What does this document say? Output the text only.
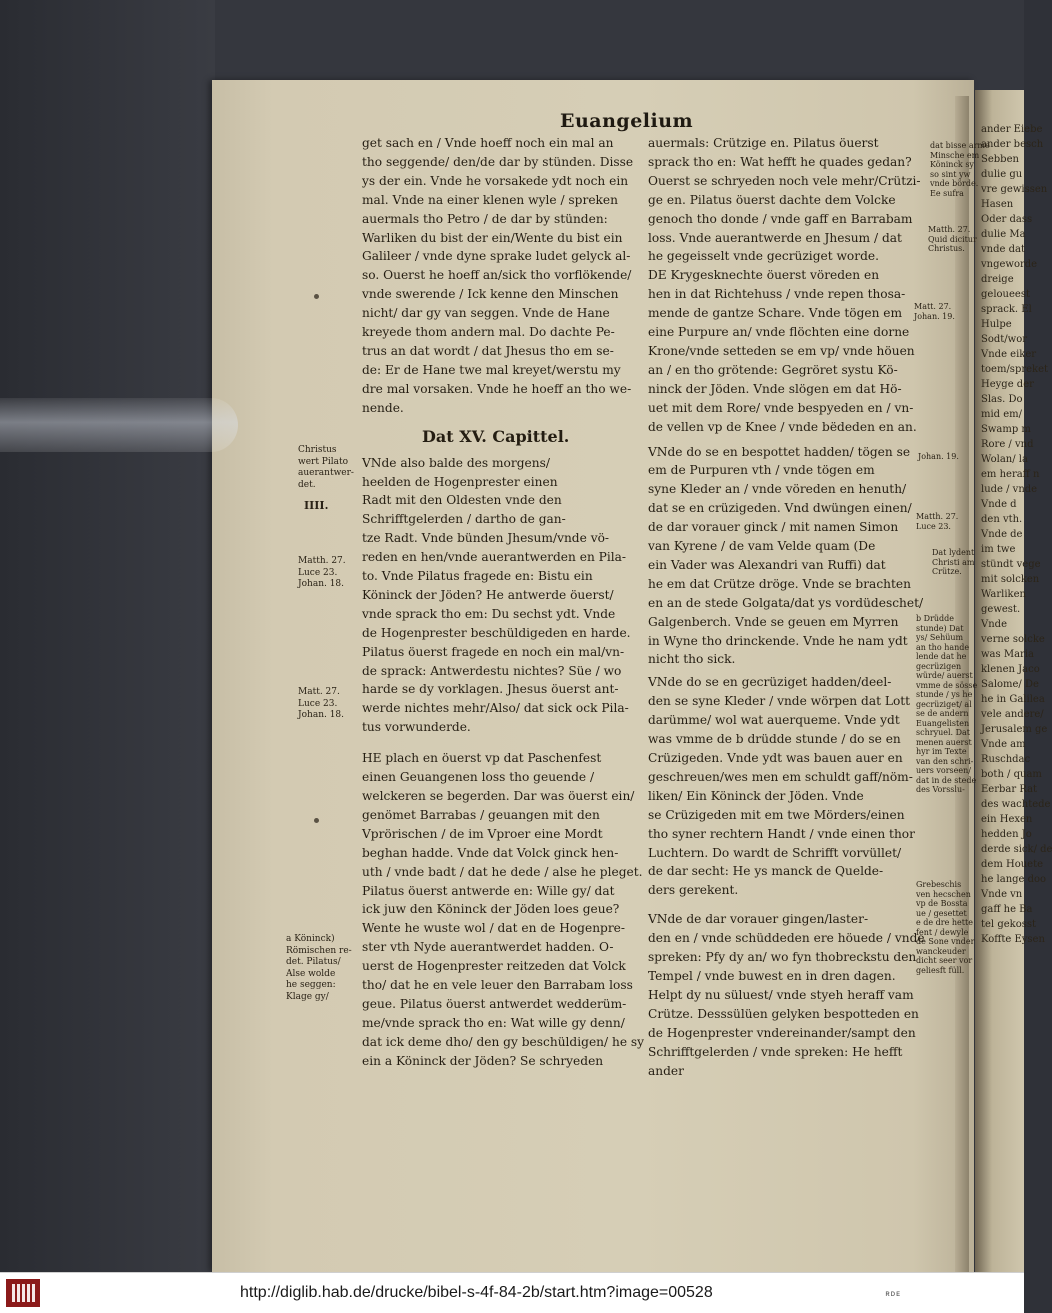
ander Eiebe
ander besch
Sebben
dulie gu
vre gewissen
Hasen
Oder dass
dulie Ma
vnde dat
vngeworde
dreige
geloueest
sprack. El
Hulpe
Sodt/wor
Vnde eiker
toem/spreket
Heyge der
Slas. Do
mid em/
Swamp m
Rore / vnd
Wolan/ la
em heraff n
lude / vnde
Vnde d
den vth.
Vnde de
im twe
stündt vege
mit solcken
Warliken
gewest.
Vnde
verne solcke
was Maria
klenen Jaco
Salome/ De
he in Galilea
vele andere/
Jerusalem ge
Vnde am
Ruschdac
both / quam
Eerbar Rat
des wachtede
ein Hexen
hedden Jo
derde sick/ de
dem Houete
he lange doo
Vnde vn
gaff he Ba
tel gekosst
Koffte Eysen
Euangelium
get sach en / Vnde hoeff noch ein mal an
tho seggende/ den/de dar by stünden. Disse
ys der ein. Vnde he vorsakede ydt noch ein
mal. Vnde na einer klenen wyle / spreken
auermals tho Petro / de dar by stünden:
Warliken du bist der ein/Wente du bist ein
Galileer / vnde dyne sprake ludet gelyck al-
so. Ouerst he hoeff an/sick tho vorflökende/
vnde swerende / Ick kenne den Minschen
nicht/ dar gy van seggen. Vnde de Hane
kreyede thom andern mal. Do dachte Pe-
trus an dat wordt / dat Jhesus tho em se-
de: Er de Hane twe mal kreyet/werstu my
dre mal vorsaken. Vnde he hoeff an tho we-
nende.
Dat XV. Capittel.
VNde also balde des morgens/
heelden de Hogenprester einen
Radt mit den Oldesten vnde den
Schrifftgelerden / dartho de gan-
tze Radt. Vnde bünden Jhesum/vnde vö-
reden en hen/vnde auerantwerden en Pila-
to. Vnde Pilatus fragede en: Bistu ein
Köninck der Jöden? He antwerde öuerst/
vnde sprack tho em: Du sechst ydt. Vnde
de Hogenprester beschüldigeden en harde.
Pilatus öuerst fragede en noch ein mal/vn-
de sprack: Antwerdestu nichtes? Süe / wo
harde se dy vorklagen. Jhesus öuerst ant-
werde nichtes mehr/Also/ dat sick ock Pila-
tus vorwunderde.
HE plach en öuerst vp dat Paschenfest
einen Geuangenen loss tho geuende /
welckeren se begerden. Dar was öuerst ein/
genömet Barrabas / geuangen mit den
Vprörischen / de im Vproer eine Mordt
beghan hadde. Vnde dat Volck ginck hen-
uth / vnde badt / dat he dede / alse he pleget.
Pilatus öuerst antwerde en: Wille gy/ dat
ick juw den Köninck der Jöden loes geue?
Wente he wuste wol / dat en de Hogenpre-
ster vth Nyde auerantwerdet hadden. O-
uerst de Hogenprester reitzeden dat Volck
tho/ dat he en vele leuer den Barrabam loss
geue. Pilatus öuerst antwerdet wedderüm-
me/vnde sprack tho en: Wat wille gy denn/
dat ick deme dho/ den gy beschüldigen/ he sy
ein a Köninck der Jöden? Se schryeden
auermals: Crützige en. Pilatus öuerst
sprack tho en: Wat hefft he quades gedan?
Ouerst se schryeden noch vele mehr/Crützi-
ge en. Pilatus öuerst dachte dem Volcke
genoch tho donde / vnde gaff en Barrabam
loss. Vnde auerantwerde en Jhesum / dat
he gegeisselt vnde gecrüziget worde.
DE Krygesknechte öuerst vöreden en
hen in dat Richtehuss / vnde repen thosa-
mende de gantze Schare. Vnde tögen em
eine Purpure an/ vnde flöchten eine dorne
Krone/vnde setteden se em vp/ vnde höuen
an / en tho grötende: Gegröret systu Kö-
ninck der Jöden. Vnde slögen em dat Hö-
uet mit dem Rore/ vnde bespyeden en / vn-
de vellen vp de Knee / vnde bëdeden en an.
VNde do se en bespottet hadden/ tögen se
em de Purpuren vth / vnde tögen em
syne Kleder an / vnde vöreden en henuth/
dat se en crüzigeden. Vnd dwüngen einen/
de dar vorauer ginck / mit namen Simon
van Kyrene / de vam Velde quam (De
ein Vader was Alexandri van Ruffi) dat
he em dat Crütze dröge. Vnde se brachten
en an de stede Golgata/dat ys vordüdeschet/
Galgenberch. Vnde se geuen em Myrren
in Wyne tho drinckende. Vnde he nam ydt
nicht tho sick.
VNde do se en gecrüziget hadden/deel-
den se syne Kleder / vnde wörpen dat Lott
darümme/ wol wat auerqueme. Vnde ydt
was vmme de b drüdde stunde / do se en
Crüzigeden. Vnde ydt was bauen auer en
geschreuen/wes men em schuldt gaff/nöm-
liken/ Ein Köninck der Jöden. Vnde
se Crüzigeden mit em twe Mörders/einen
tho syner rechtern Handt / vnde einen thor
Luchtern. Do wardt de Schrifft vorvüllet/
de dar secht: He ys manck de Quelde-
ders gerekent.
VNde de dar vorauer gingen/laster-
den en / vnde schüddeden ere höuede / vnde
spreken: Pfy dy an/ wo fyn thobreckstu den
Tempel / vnde buwest en in dren dagen.
Helpt dy nu süluest/ vnde styeh heraff vam
Crütze. Desssülüen gelyken bespotteden en
de Hogenprester vndereinander/sampt den
Schrifftgelerden / vnde spreken: He hefft
ander
Christus
wert Pilato
auerantwer-
det.
IIII.
Matth. 27.
Luce 23.
Johan. 18.
Matt. 27.
Luce 23.
Johan. 18.
a Köninck)
Römischen re-
det. Pilatus/
Alse wolde
he seggen:
Klage gy/
dat bisse arme
Minsche em
Köninck sy
so sint yw
vnde börde.
Ee sufra
Matth. 27.
Quid dicitur
Christus.
Matt. 27.
Johan. 19.
Johan. 19.
Matth. 27.
Luce 23.
Dat lydent
Christi am
Crütze.
b Drüdde
stunde) Dat
ys/ Sehüum
an tho hande
lende dat he
gecrüzigen
würde/ auerst
vmme de sösse
stunde / ys he
gecrüziget/ al
se de andern
Euangelisten
schryuel. Dat
menen auerst
hyr im Texte
van den schri-
uers vorseen/
dat in de stede
des Vorsslu-
Grebeschis
ven hecschen
vp de Bossta
ue / gesettet
e de dre hette
fent / dewyle
de Sone vnder
wanckeuder
dicht seer vor
geliesft füll.
http://diglib.hab.de/drucke/bibel-s-4f-84-2b/start.htm?image=00528	ʀᴅᴇ
